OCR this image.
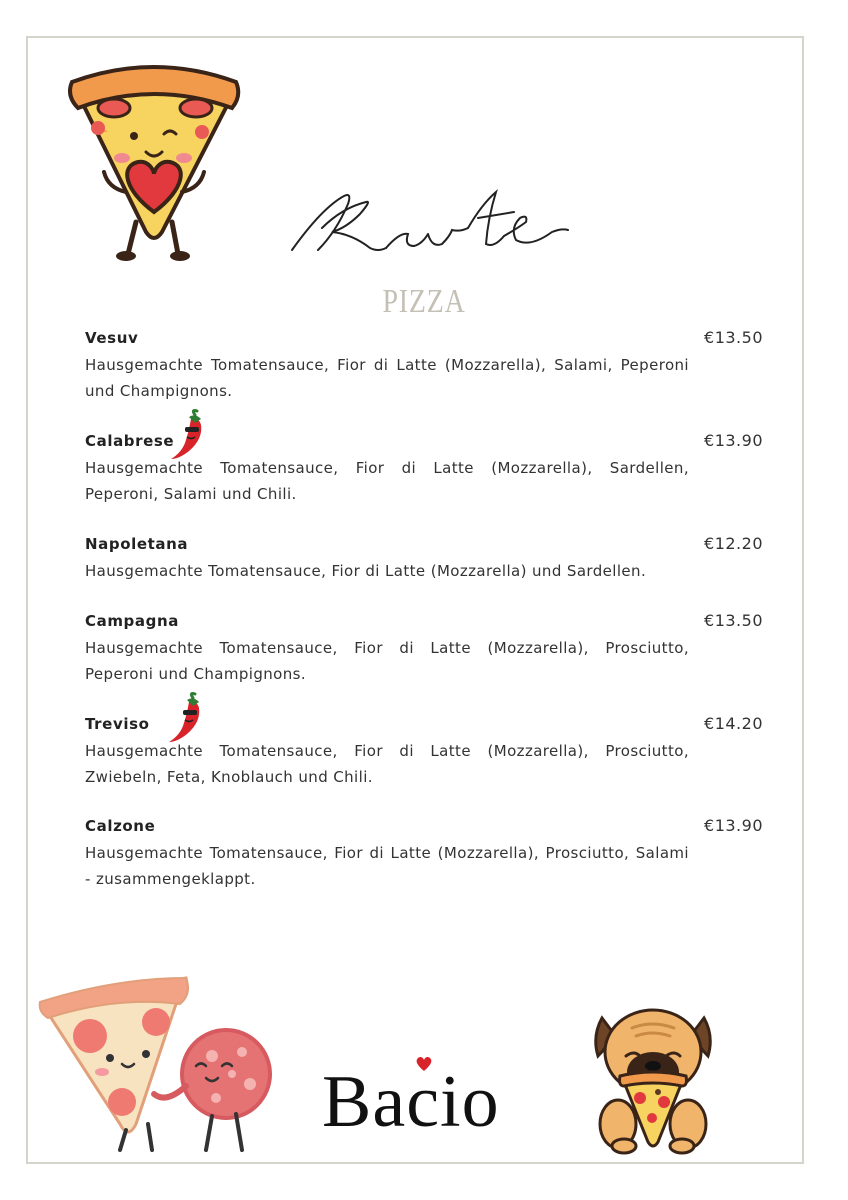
PIZZA
Vesuv	€13.50
Hausgemachte Tomatensauce, Fior di Latte (Mozzarella), Salami, Peperoni und Champignons.
Calabrese	€13.90
Hausgemachte Tomatensauce, Fior di Latte (Mozzarella), Sardellen, Peperoni, Salami und Chili.
Napoletana	€12.20
Hausgemachte Tomatensauce, Fior di Latte (Mozzarella) und Sardellen.
Campagna	€13.50
Hausgemachte Tomatensauce, Fior di Latte (Mozzarella), Prosciutto, Peperoni und Champignons.
Treviso	€14.20
Hausgemachte Tomatensauce, Fior di Latte (Mozzarella), Prosciutto, Zwiebeln, Feta, Knoblauch und Chili.
Calzone	€13.90
Hausgemachte Tomatensauce, Fior di Latte (Mozzarella), Prosciutto, Salami - zusammengeklappt.
Bacio
